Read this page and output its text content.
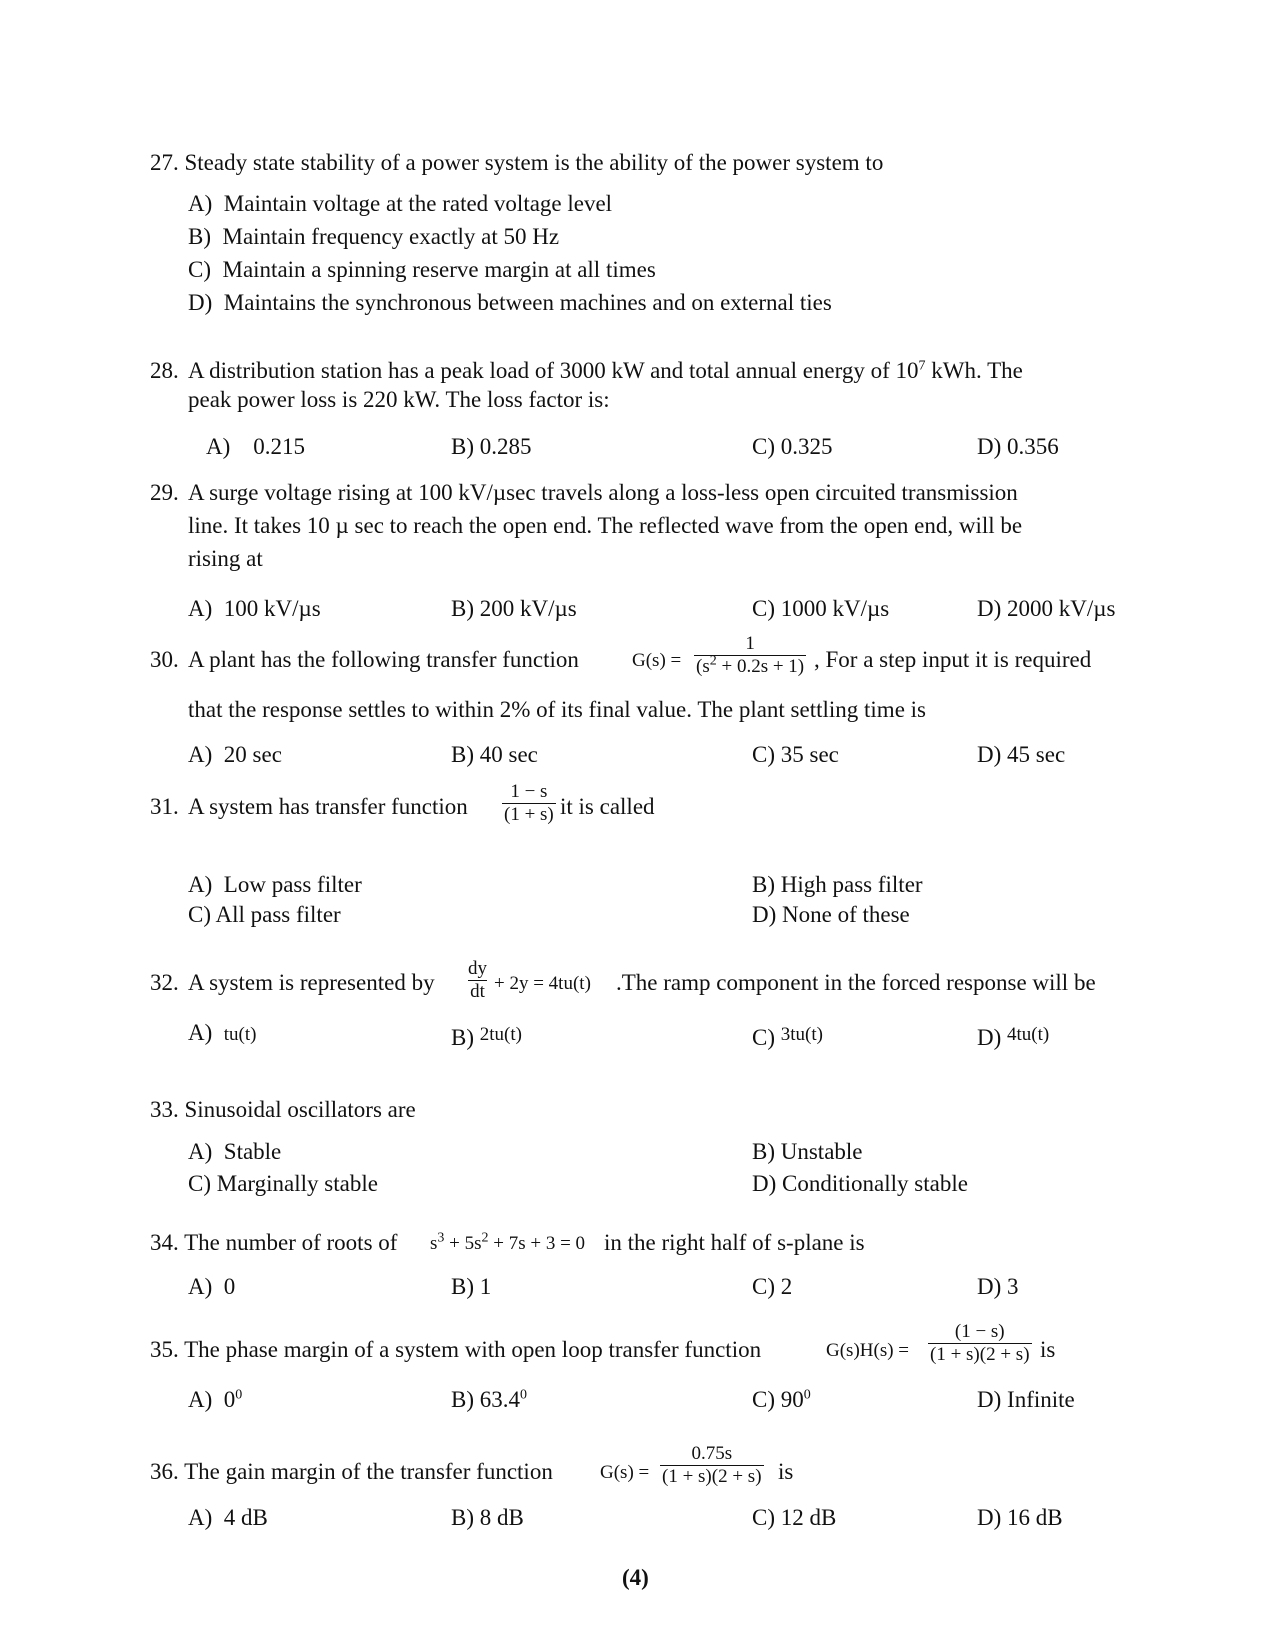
27. Steady state stability of a power system is the ability of the power system to
A) Maintain voltage at the rated voltage level
B) Maintain frequency exactly at 50 Hz
C) Maintain a spinning reserve margin at all times
D) Maintains the synchronous between machines and on external ties
28. A distribution station has a peak load of 3000 kW and total annual energy of $10^7$ kWh. The
peak power loss is 220 kW. The loss factor is:
A) 0.215	B) 0.285	C) 0.325	D) 0.356
29. A surge voltage rising at 100 kV/µsec travels along a loss-less open circuited transmission
line. It takes 10 µ sec to reach the open end. The reflected wave from the open end, will be
rising at
A) 100 kV/µs	B) 200 kV/µs	C) 1000 kV/µs	D) 2000 kV/µs
30. A plant has the following transfer function	$G(s) = \frac{1}{(s^2 + 0.2s + 1)}$ , For a step input it is required
that the response settles to within 2% of its final value. The plant settling time is
A) 20 sec	B) 40 sec	C) 35 sec	D) 45 sec
31. A system has transfer function $\frac{1 - s}{(1 + s)}$ it is called
A) Low pass filter	B) High pass filter
C) All pass filter	D) None of these
32. A system is represented by $\frac{dy}{dt} + 2y = 4tu(t)$ .The ramp component in the forced response will be
A) tu(t)	B) $^{2tu(t)}$	C) $^{3tu(t)}$	D) $^{4tu(t)}$
33. Sinusoidal oscillators are
A) Stable	B) Unstable
C) Marginally stable	D) Conditionally stable
34. The number of roots of $s^3 + 5s^2 + 7s + 3 = 0$ in the right half of s-plane is
A) 0	B) 1	C) 2	D) 3
35. The phase margin of a system with open loop transfer function	$G(s)H(s) = \frac{(1 - s)}{(1 + s)(2 + s)}$ is
A) $0^0$	B) 63.4$^0$	C) $90^0$	D) Infinite
36. The gain margin of the transfer function $G(s) = \frac{0.75s}{(1 + s)(2 + s)}$ is
A) 4 dB	B) 8 dB	C) 12 dB	D) 16 dB
(4)
